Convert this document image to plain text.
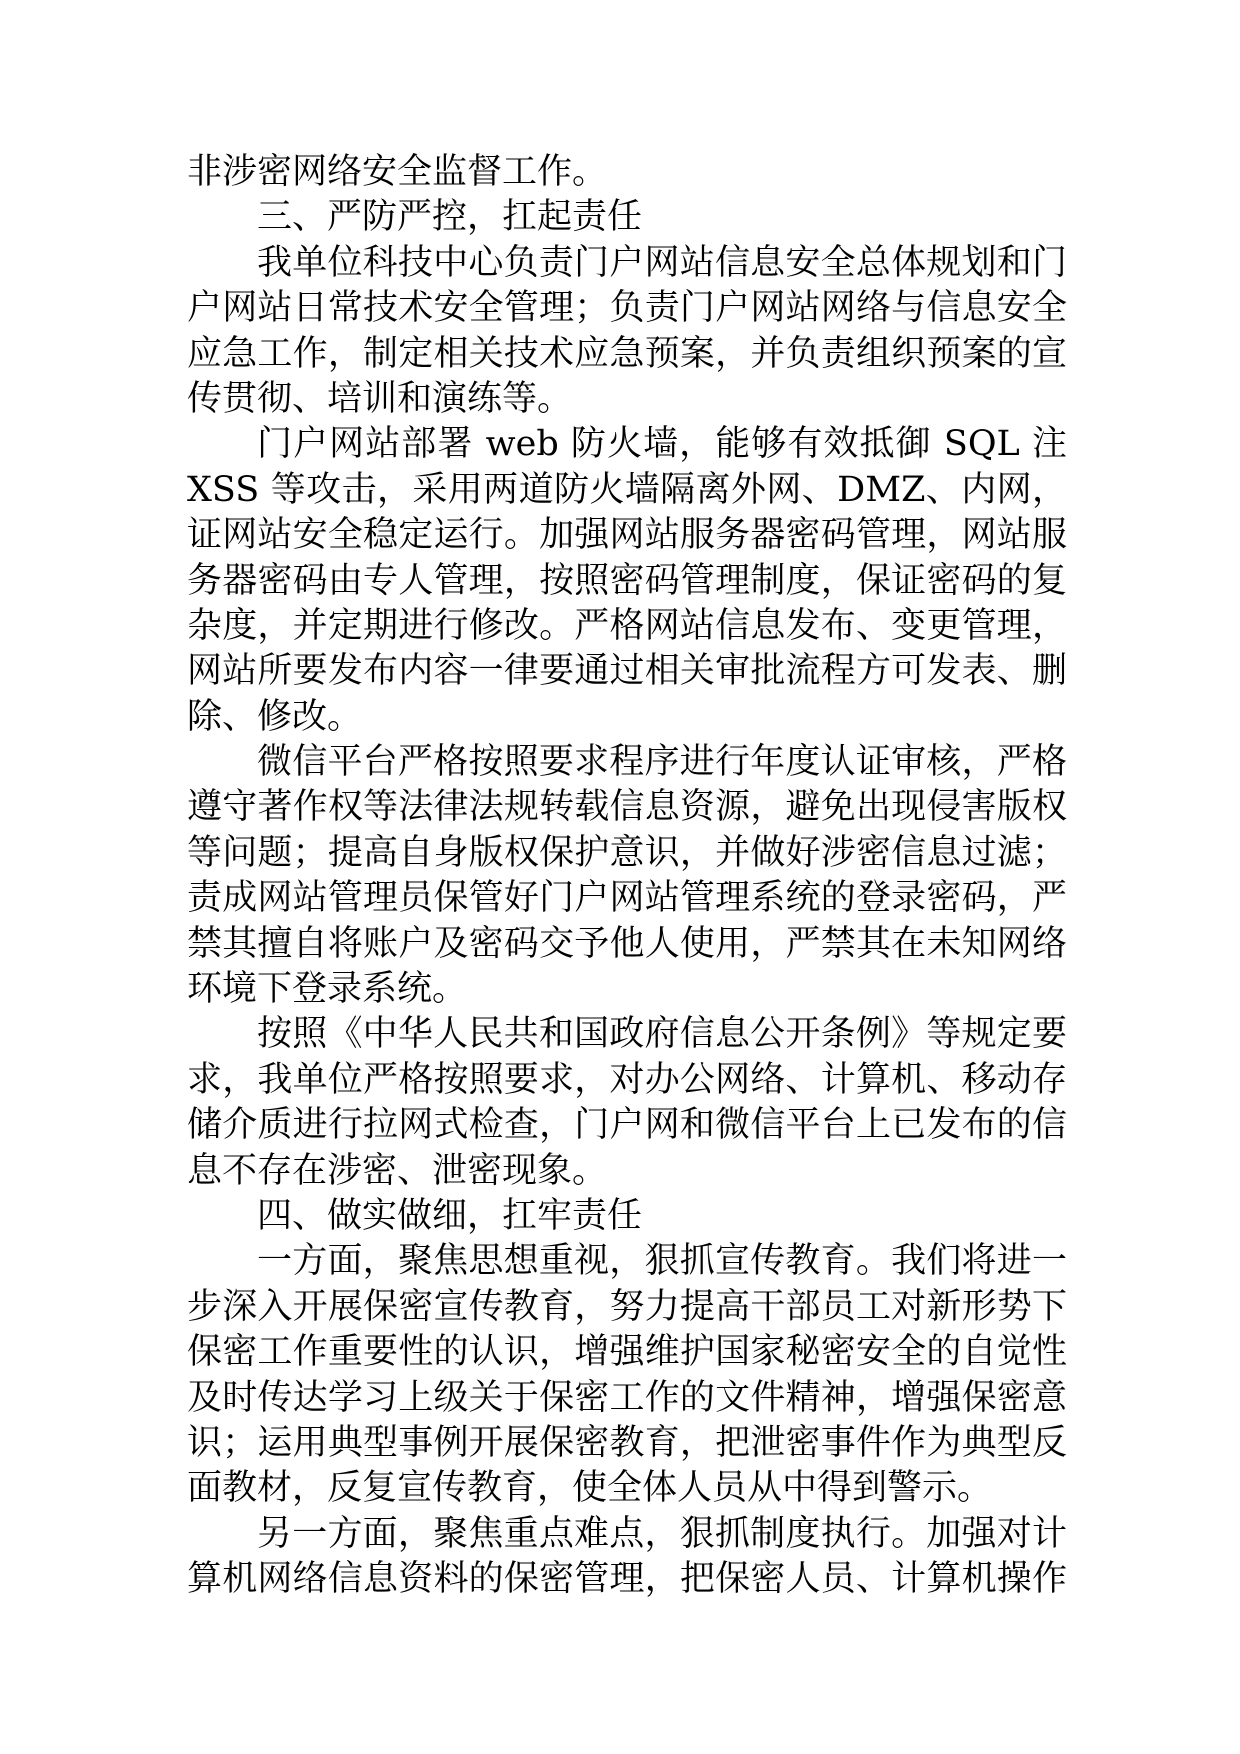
非涉密网络安全监督工作。
三、严防严控，扛起责任
我单位科技中心负责门户网站信息安全总体规划和门
户网站日常技术安全管理；负责门户网站网络与信息安全
应急工作，制定相关技术应急预案，并负责组织预案的宣
传贯彻、培训和演练等。
门户网站部署 web 防火墙，能够有效抵御 SQL 注
XSS 等攻击，采用两道防火墙隔离外网、DMZ、内网，
证网站安全稳定运行。加强网站服务器密码管理，网站服
务器密码由专人管理，按照密码管理制度，保证密码的复
杂度，并定期进行修改。严格网站信息发布、变更管理，
网站所要发布内容一律要通过相关审批流程方可发表、删
除、修改。
微信平台严格按照要求程序进行年度认证审核，严格
遵守著作权等法律法规转载信息资源，避免出现侵害版权
等问题；提高自身版权保护意识，并做好涉密信息过滤；
责成网站管理员保管好门户网站管理系统的登录密码，严
禁其擅自将账户及密码交予他人使用，严禁其在未知网络
环境下登录系统。
按照《中华人民共和国政府信息公开条例》等规定要
求，我单位严格按照要求，对办公网络、计算机、移动存
储介质进行拉网式检查，门户网和微信平台上已发布的信
息不存在涉密、泄密现象。
四、做实做细，扛牢责任
一方面，聚焦思想重视，狠抓宣传教育。我们将进一
步深入开展保密宣传教育，努力提高干部员工对新形势下
保密工作重要性的认识，增强维护国家秘密安全的自觉性
及时传达学习上级关于保密工作的文件精神，增强保密意
识；运用典型事例开展保密教育，把泄密事件作为典型反
面教材，反复宣传教育，使全体人员从中得到警示。
另一方面，聚焦重点难点，狠抓制度执行。加强对计
算机网络信息资料的保密管理，把保密人员、计算机操作
